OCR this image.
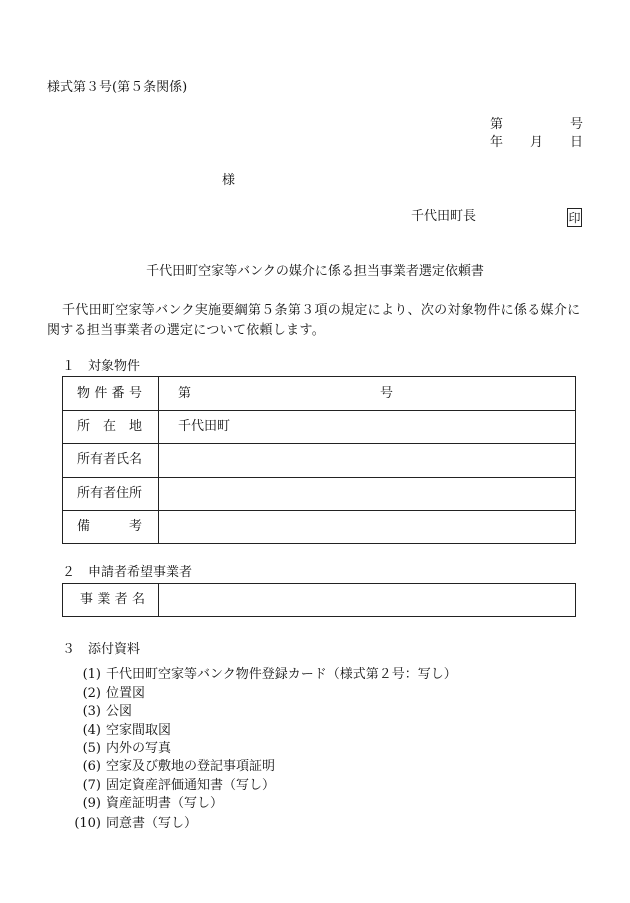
様式第３号(第５条関係)
第	号
年 月 日
様
千代田町長	印
千代田町空家等バンクの媒介に係る担当事業者選定依頼書
千代田町空家等バンク実施要綱第５条第３項の規定により、次の対象物件に係る媒介に
関する担当事業者の選定について依頼します。
１　対象物件
物 件 番 号	第	号
所　在　地	千代田町
所有者氏名
所有者住所
備　　考
２　申請者希望事業者
事 業 者 名
３　添付資料
(1) 千代田町空家等バンク物件登録カード（様式第２号：写し）
(2) 位置図
(3) 公図
(4) 空家間取図
(5) 内外の写真
(6) 空家及び敷地の登記事項証明
(7) 固定資産評価通知書（写し）
(9) 資産証明書（写し）
(10) 同意書（写し）
